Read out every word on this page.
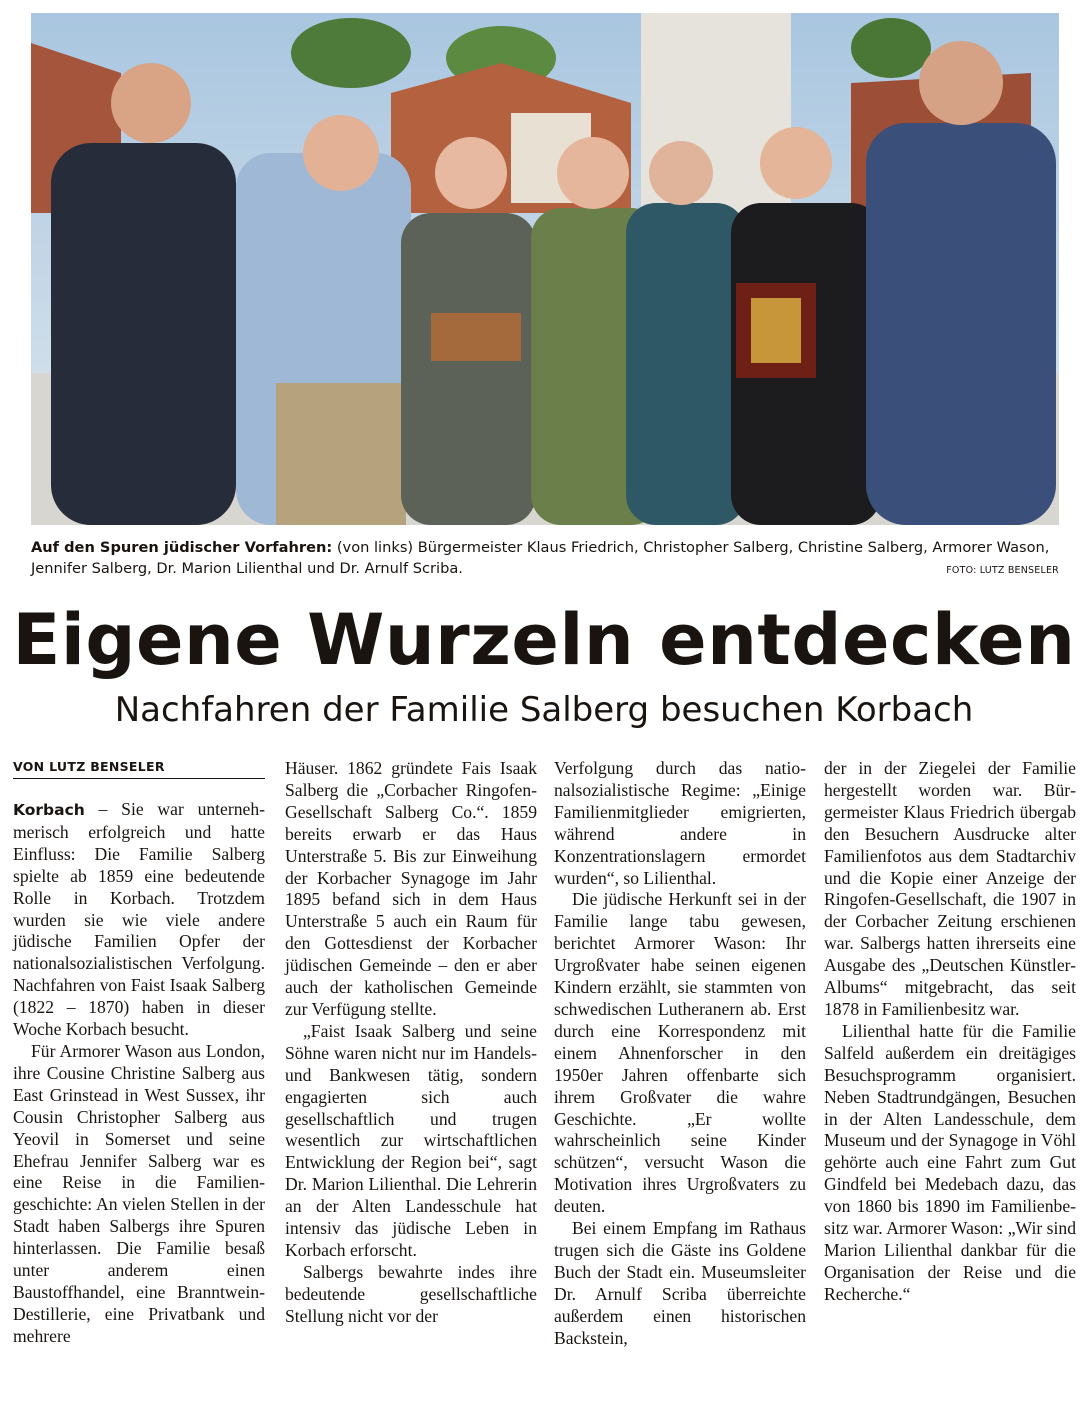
Auf den Spuren jüdischer Vorfahren: (von links) Bürgermeister Klaus Friedrich, Christopher Salberg, Christine Salberg, Armorer Wason, Jennifer Salberg, Dr. Marion Lilienthal und Dr. Arnulf Scriba.	FOTO: LUTZ BENSELER
Eigene Wurzeln entdecken
Nachfahren der Familie Salberg besuchen Korbach
VON LUTZ BENSELER

Korbach – Sie war unternehmerisch erfolgreich und hatte Einfluss: Die Familie Salberg spielte ab 1859 eine bedeutende Rolle in Korbach. Trotzdem wurden sie wie viele andere jüdische Familien Opfer der nationalsozialistischen Verfolgung. Nachfahren von Faist Isaak Salberg (1822 – 1870) haben in dieser Woche Korbach besucht.

Für Armorer Wason aus London, ihre Cousine Christine Salberg aus East Grinstead in West Sussex, ihr Cousin Christopher Salberg aus Yeovil in Somerset und seine Ehefrau Jennifer Salberg war es eine Reise in die Familiengeschichte: An vielen Stellen in der Stadt haben Salbergs ihre Spuren hinterlassen. Die Familie besaß unter anderem einen Baustoffhandel, eine Branntwein-Destillerie, eine Privatbank und mehrere

Häuser. 1862 gründete Fais Isaak Salberg die „Corbacher Ringofen-Gesellschaft Salberg Co.“. 1859 bereits erwarb er das Haus Unterstraße 5. Bis zur Einweihung der Korbacher Synagoge im Jahr 1895 befand sich in dem Haus Unterstraße 5 auch ein Raum für den Gottesdienst der Korbacher jüdischen Gemeinde – den er aber auch der katholischen Gemeinde zur Verfügung stellte.

„Faist Isaak Salberg und seine Söhne waren nicht nur im Handels- und Bankwesen tätig, sondern engagierten sich auch gesellschaftlich und trugen wesentlich zur wirtschaftlichen Entwicklung der Region bei“, sagt Dr. Marion Lilienthal. Die Lehrerin an der Alten Landesschule hat intensiv das jüdische Leben in Korbach erforscht.

Salbergs bewahrte indes ihre bedeutende gesellschaftliche Stellung nicht vor der

Verfolgung durch das nationalsozialistische Regime: „Einige Familienmitglieder emigrierten, während andere in Konzentrationslagern ermordet wurden“, so Lilienthal.

Die jüdische Herkunft sei in der Familie lange tabu gewesen, berichtet Armorer Wason: Ihr Urgroßvater habe seinen eigenen Kindern erzählt, sie stammten von schwedischen Lutheranern ab. Erst durch eine Korrespondenz mit einem Ahnenforscher in den 1950er Jahren offenbarte sich ihrem Großvater die wahre Geschichte. „Er wollte wahrscheinlich seine Kinder schützen“, versucht Wason die Motivation ihres Urgroßvaters zu deuten.

Bei einem Empfang im Rathaus trugen sich die Gäste ins Goldene Buch der Stadt ein. Museumsleiter Dr. Arnulf Scriba überreichte außerdem einen historischen Backstein,

der in der Ziegelei der Familie hergestellt worden war. Bürgermeister Klaus Friedrich übergab den Besuchern Ausdrucke alter Familienfotos aus dem Stadtarchiv und die Kopie einer Anzeige der Ringofen-Gesellschaft, die 1907 in der Corbacher Zeitung erschienen war. Salbergs hatten ihrerseits eine Ausgabe des „Deutschen Künstler-Albums“ mitgebracht, das seit 1878 in Familienbesitz war.

Lilienthal hatte für die Familie Salfeld außerdem ein dreitägiges Besuchsprogramm organisiert. Neben Stadtrundgängen, Besuchen in der Alten Landesschule, dem Museum und der Synagoge in Vöhl gehörte auch eine Fahrt zum Gut Gindfeld bei Medebach dazu, das von 1860 bis 1890 im Familienbesitz war. Armorer Wason: „Wir sind Marion Lilienthal dankbar für die Organisation der Reise und die Recherche.“
